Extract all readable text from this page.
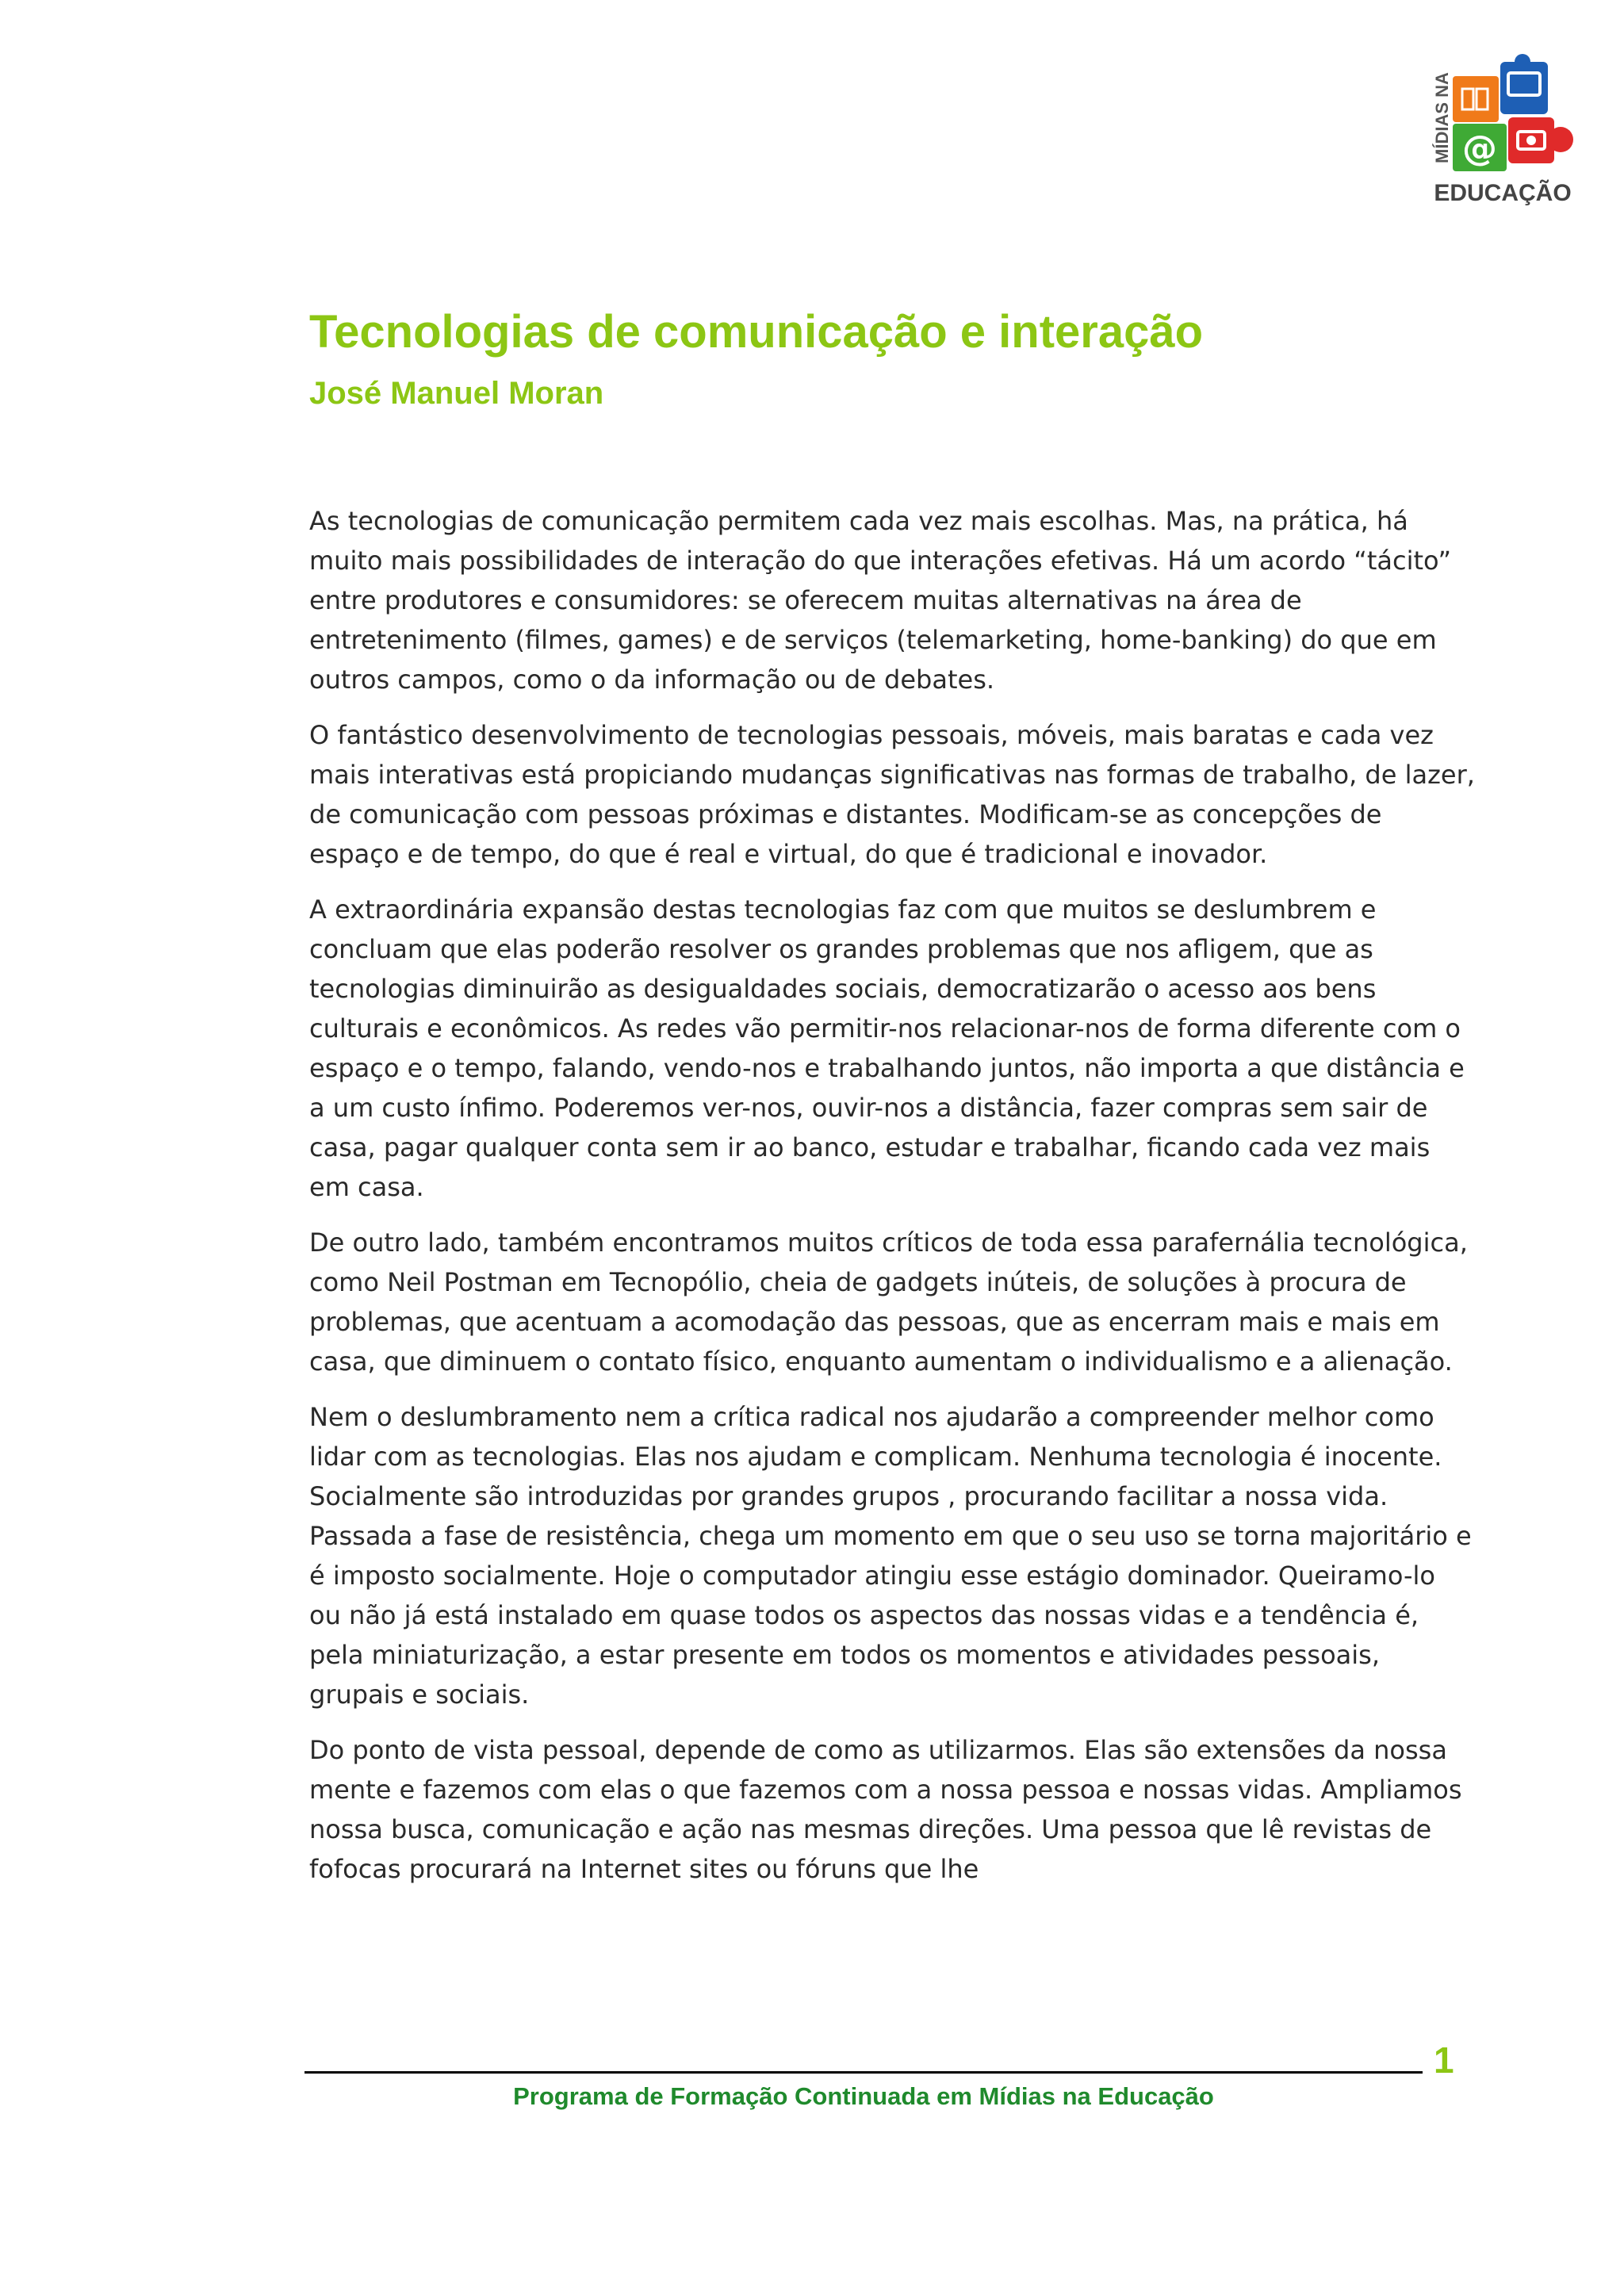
MÍDIAS NA @
EDUCAÇÃO
Tecnologias de comunicação e interação
José Manuel Moran

As tecnologias de comunicação permitem cada vez mais escolhas. Mas, na prática, há muito mais possibilidades de interação do que interações efetivas. Há um acordo “tácito” entre produtores e consumidores: se oferecem muitas alternativas na área de entretenimento (filmes, games) e de serviços (telemarketing, home-banking) do que em outros campos, como o da informação ou de debates.

O fantástico desenvolvimento de tecnologias pessoais, móveis, mais baratas e cada vez mais interativas está propiciando mudanças significativas nas formas de trabalho, de lazer, de comunicação com pessoas próximas e distantes. Modificam-se as concepções de espaço e de tempo, do que é real e virtual, do que é tradicional e inovador.

A extraordinária expansão destas tecnologias faz com que muitos se deslumbrem e concluam que elas poderão resolver os grandes problemas que nos afligem, que as tecnologias diminuirão as desigualdades sociais, democratizarão o acesso aos bens culturais e econômicos. As redes vão permitir-nos relacionar-nos de forma diferente com o espaço e o tempo, falando, vendo-nos e trabalhando juntos, não importa a que distância e a um custo ínfimo. Poderemos ver-nos, ouvir-nos a distância, fazer compras sem sair de casa, pagar qualquer conta sem ir ao banco, estudar e trabalhar, ficando cada vez mais em casa.

De outro lado, também encontramos muitos críticos de toda essa parafernália tecnológica, como Neil Postman em Tecnopólio, cheia de gadgets inúteis, de soluções à procura de problemas, que acentuam a acomodação das pessoas, que as encerram mais e mais em casa, que diminuem o contato físico, enquanto aumentam o individualismo e a alienação.

Nem o deslumbramento nem a crítica radical nos ajudarão a compreender melhor como lidar com as tecnologias. Elas nos ajudam e complicam. Nenhuma tecnologia é inocente. Socialmente são introduzidas por grandes grupos , procurando facilitar a nossa vida. Passada a fase de resistência, chega um momento em que o seu uso se torna majoritário e é imposto socialmente. Hoje o computador atingiu esse estágio dominador. Queiramo-lo ou não já está instalado em quase todos os aspectos das nossas vidas e a tendência é, pela miniaturização, a estar presente em todos os momentos e atividades pessoais, grupais e sociais.

Do ponto de vista pessoal, depende de como as utilizarmos. Elas são extensões da nossa mente e fazemos com elas o que fazemos com a nossa pessoa e nossas vidas. Ampliamos nossa busca, comunicação e ação nas mesmas direções. Uma pessoa que lê revistas de fofocas procurará na Internet sites ou fóruns que lhe

1
Programa de Formação Continuada em Mídias na Educação
